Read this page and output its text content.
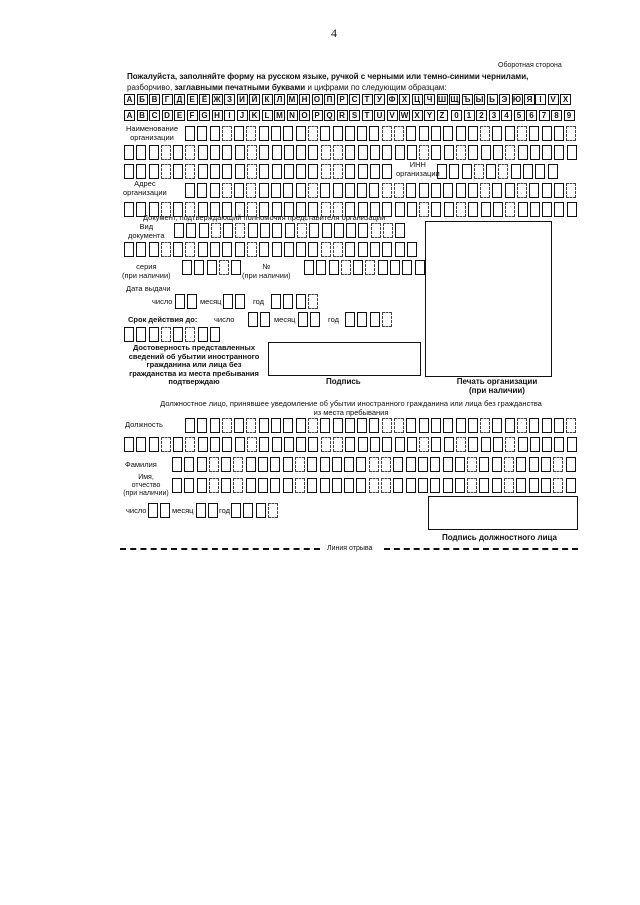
4
Оборотная сторона
Пожалуйста, заполняйте форму на русском языке, ручкой с черными или темно-синими чернилами,
разборчиво, заглавными печатными буквами и цифрами по следующим образцам:
А Б В Г Д Е Ё Ж З И Й К Л М Н О П Р С Т У Ф Х Ц Ч Ш Щ Ъ Ы Ь Э Ю Я I	V X
A B C D E F G H	I	J K L M N O P Q R S T U V W X Y Z	0	1	2	3	4	5	6	7	8	9
Наименование
организации
ИНН
организации
Адрес
организации
Документ, подтверждающий полномочия представителя организации
Вид
документа
серия
(при наличии)
№
(при наличии)
Дата выдачи
число	месяц	год
Срок действия до: число	месяц	год
Достоверность представленных
сведений об убытии иностранного
гражданина или лица без
гражданства из места пребывания
подтверждаю	Подпись	Печать организации
(при наличии)
Должностное лицо, принявшее уведомление об убытии иностранного гражданина или лица без гражданства
из места пребывания
Должность
Фамилия
Имя,
отчество
(при наличии)
число	месяц	год
Подпись должностного лица
Линия отрыва
